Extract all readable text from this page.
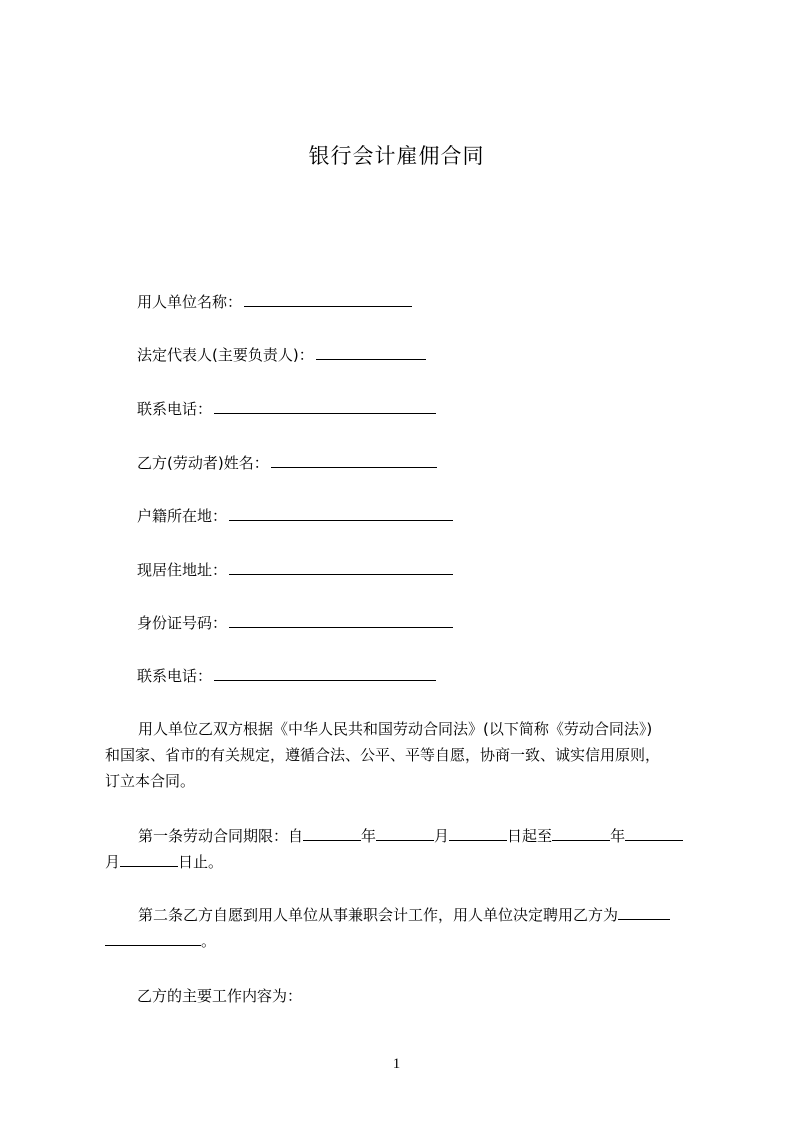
银行会计雇佣合同
用人单位名称：
法定代表人(主要负责人)：
联系电话：
乙方(劳动者)姓名：
户籍所在地：
现居住地址：
身份证号码：
联系电话：
用人单位乙双方根据《中华人民共和国劳动合同法》(以下简称《劳动合同法》)
和国家、省市的有关规定，遵循合法、公平、平等自愿，协商一致、诚实信用原则，
订立本合同。
第一条劳动合同期限：自	年	月	日起至	年
月	日止。
第二条乙方自愿到用人单位从事兼职会计工作，用人单位决定聘用乙方为
。
乙方的主要工作内容为：
1
